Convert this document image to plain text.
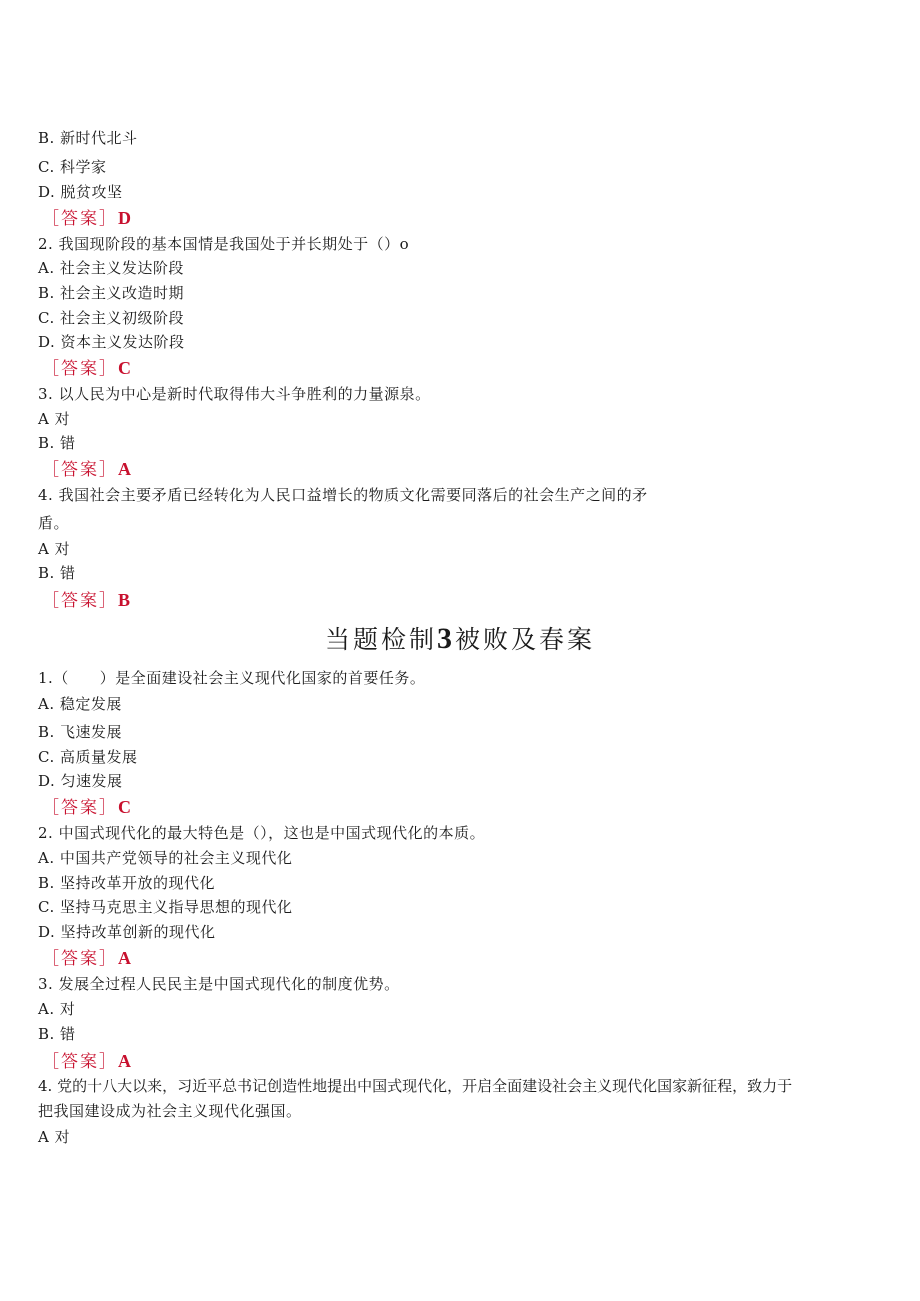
B. 新时代北斗
C. 科学家
D. 脱贫攻坚
［答案］D
2. 我国现阶段的基本国情是我国处于并长期处于（）o
A. 社会主义发达阶段
B. 社会主义改造时期
C. 社会主义初级阶段
D. 资本主义发达阶段
［答案］C
3. 以人民为中心是新时代取得伟大斗争胜利的力量源泉。
A 对
B. 错
［答案］A
4. 我国社会主要矛盾已经转化为人民口益增长的物质文化需要同落后的社会生产之间的矛
盾。
A 对
B. 错
［答案］B
当题检制3被败及春案
1.（　　）是全面建设社会主义现代化国家的首要任务。
A. 稳定发展
B. 飞速发展
C. 高质量发展
D. 匀速发展
［答案］C
2. 中国式现代化的最大特色是（），这也是中国式现代化的本质。
A. 中国共产党领导的社会主义现代化
B. 坚持改革开放的现代化
C. 坚持马克思主义指导思想的现代化
D. 坚持改革创新的现代化
［答案］A
3. 发展全过程人民民主是中国式现代化的制度优势。
A. 对
B. 错
［答案］A
4. 党的十八大以来，习近平总书记创造性地提出中国式现代化，开启全面建设社会主义现代化国家新征程，致力于
把我国建设成为社会主义现代化强国。
A 对
